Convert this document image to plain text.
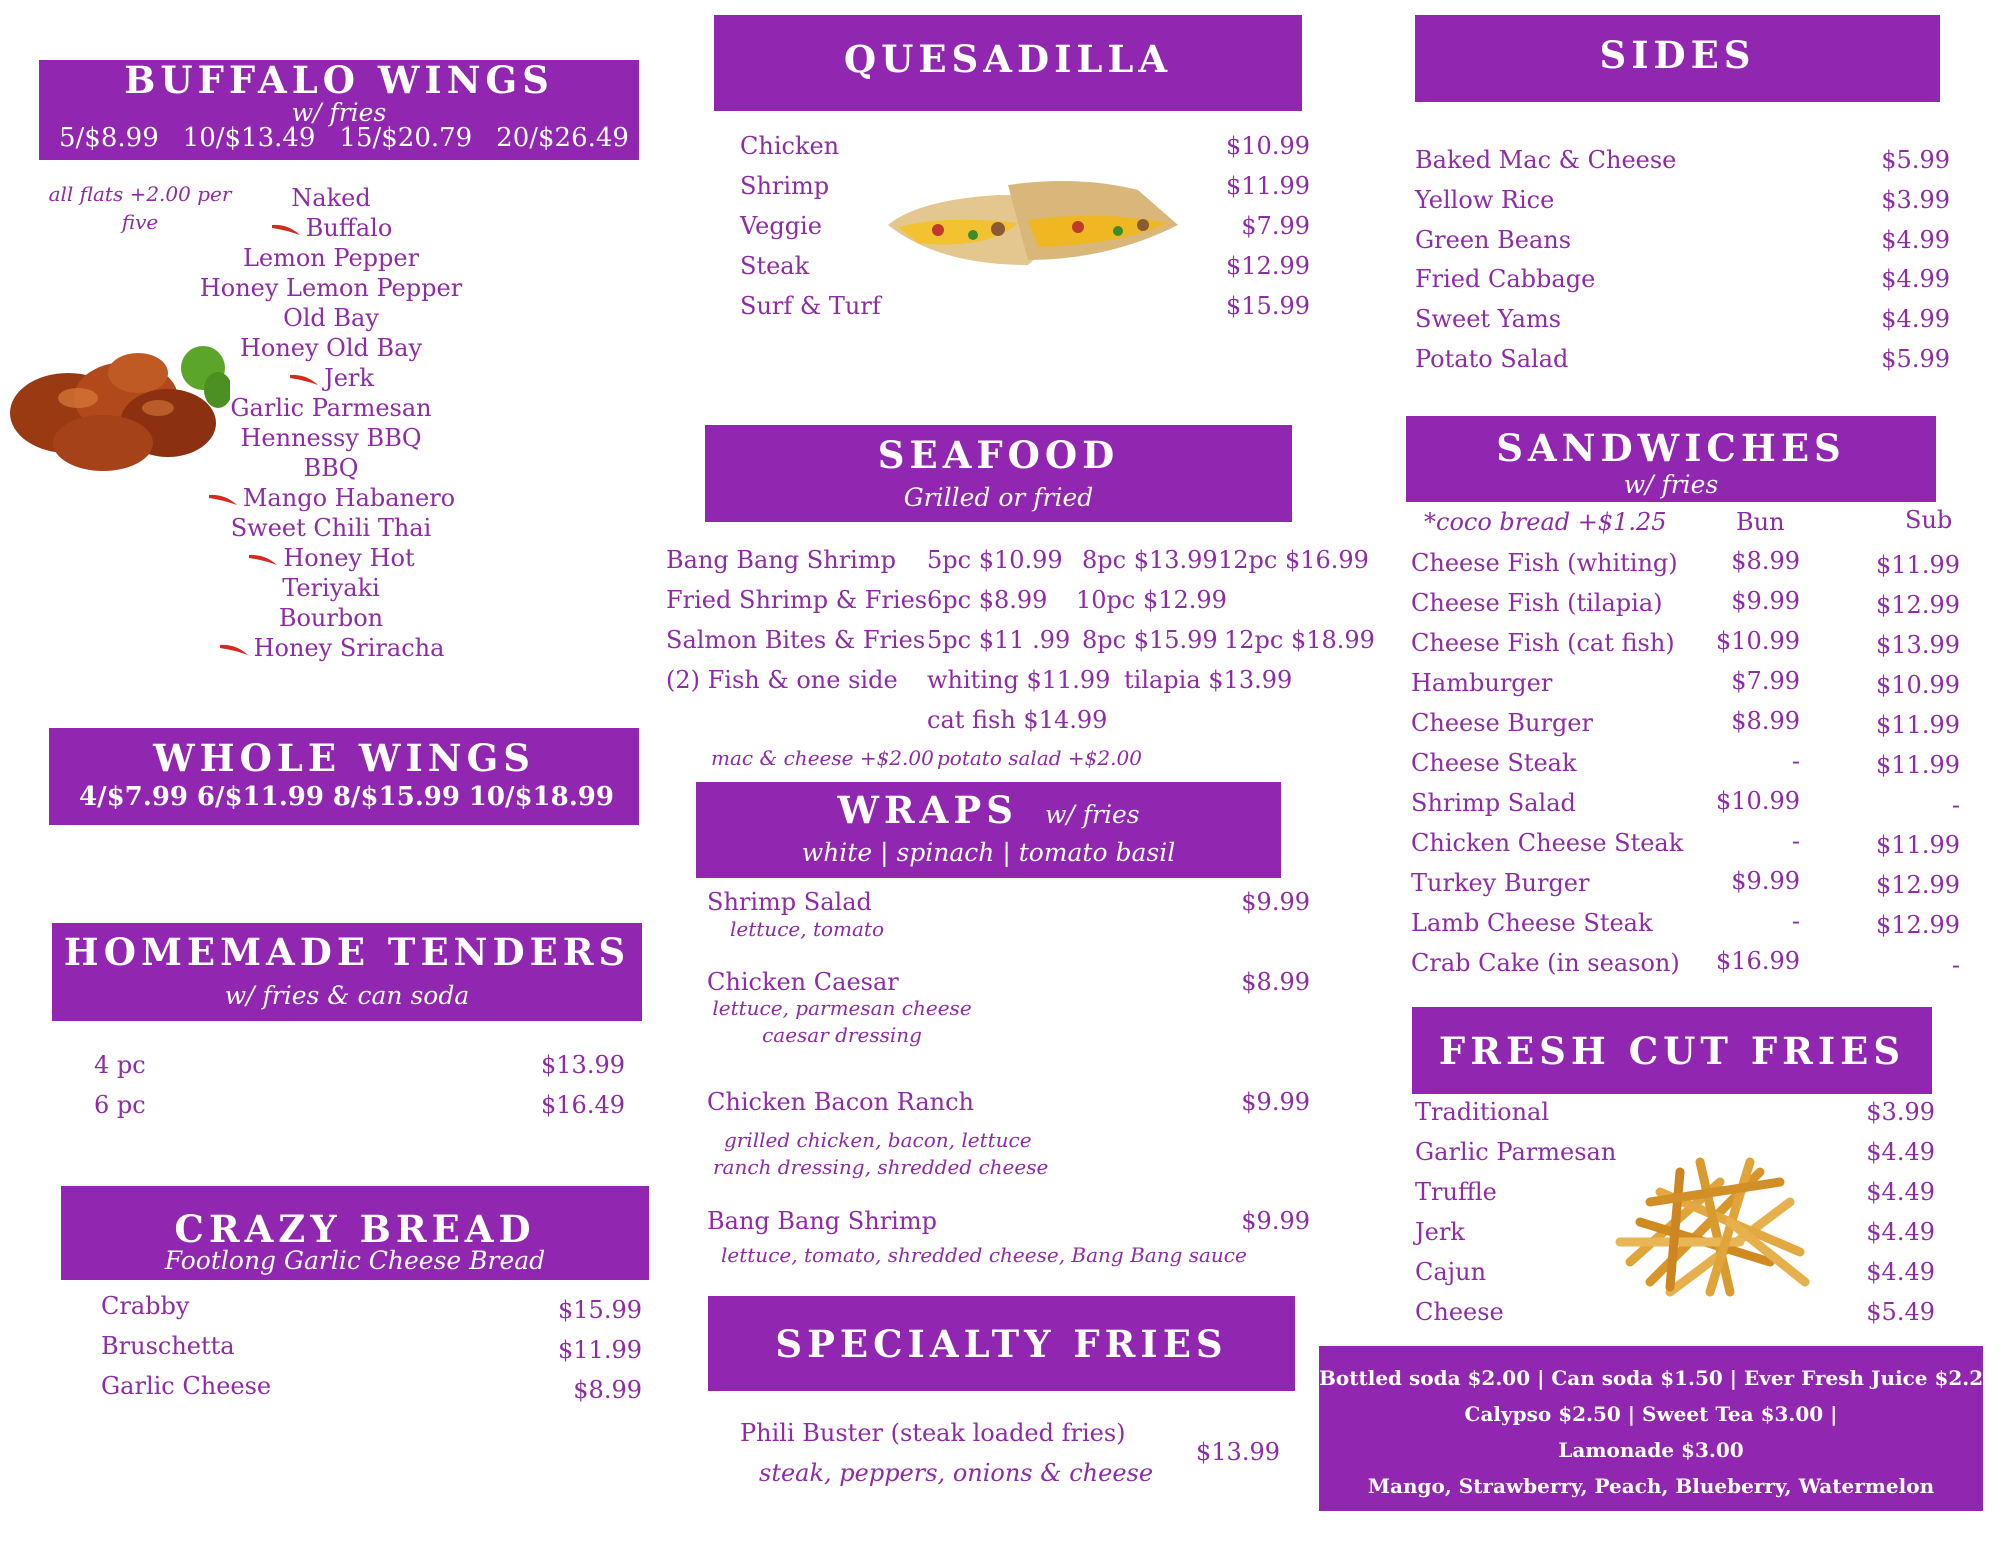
BUFFALO WINGS
w/ fries
5/$8.99 10/$13.49 15/$20.79 20/$26.49
all flats +2.00 per five
Naked
Buffalo
Lemon Pepper
Honey Lemon Pepper
Old Bay
Honey Old Bay
Jerk
Garlic Parmesan
Hennessy BBQ
BBQ
Mango Habanero
Sweet Chili Thai
Honey Hot
Teriyaki
Bourbon
Honey Sriracha
WHOLE WINGS
4/$7.99 6/$11.99 8/$15.99 10/$18.99
HOMEMADE TENDERS
w/ fries & can soda
4 pc	$13.99
6 pc	$16.49
CRAZY BREAD
Footlong Garlic Cheese Bread
Crabby	$15.99
Bruschetta	$11.99
Garlic Cheese	$8.99
QUESADILLA
Chicken	$10.99
Shrimp	$11.99
Veggie	$7.99
Steak	$12.99
Surf & Turf	$15.99
SEAFOOD
Grilled or fried
Bang Bang Shrimp 5pc $10.99 8pc $13.99 12pc $16.99
Fried Shrimp & Fries 6pc $8.99 10pc $12.99
Salmon Bites & Fries 5pc $11 .99 8pc $15.99 12pc $18.99
(2) Fish & one side whiting $11.99 tilapia $13.99
cat fish $14.99
mac & cheese +$2.00 potato salad +$2.00
WRAPS w/ fries
white | spinach | tomato basil
Shrimp Salad
lettuce, tomato
$9.99
Chicken Caesar
lettuce, parmesan cheese
caesar dressing
$8.99
Chicken Bacon Ranch
grilled chicken, bacon, lettuce
ranch dressing, shredded cheese
$9.99
Bang Bang Shrimp
lettuce, tomato, shredded cheese, Bang Bang sauce
$9.99
SPECIALTY FRIES
Phili Buster (steak loaded fries)
steak, peppers, onions & cheese
$13.99
SIDES
Baked Mac & Cheese	$5.99
Yellow Rice	$3.99
Green Beans	$4.99
Fried Cabbage	$4.99
Sweet Yams	$4.99
Potato Salad	$5.99
SANDWICHES
w/ fries
*coco bread +$1.25	Bun	Sub
Cheese Fish (whiting)	$8.99	$11.99
Cheese Fish (tilapia)	$9.99	$12.99
Cheese Fish (cat fish)	$10.99	$13.99
Hamburger	$7.99	$10.99
Cheese Burger	$8.99	$11.99
Cheese Steak	-	$11.99
Shrimp Salad	$10.99	-
Chicken Cheese Steak	-	$11.99
Turkey Burger	$9.99	$12.99
Lamb Cheese Steak	-	$12.99
Crab Cake (in season)	$16.99	-
FRESH CUT FRIES
Traditional	$3.99
Garlic Parmesan	$4.49
Truffle	$4.49
Jerk	$4.49
Cajun	$4.49
Cheese	$5.49
Bottled soda $2.00 | Can soda $1.50 | Ever Fresh Juice $2.25
Calypso $2.50 | Sweet Tea $3.00 |
Lamonade $3.00
Mango, Strawberry, Peach, Blueberry, Watermelon
